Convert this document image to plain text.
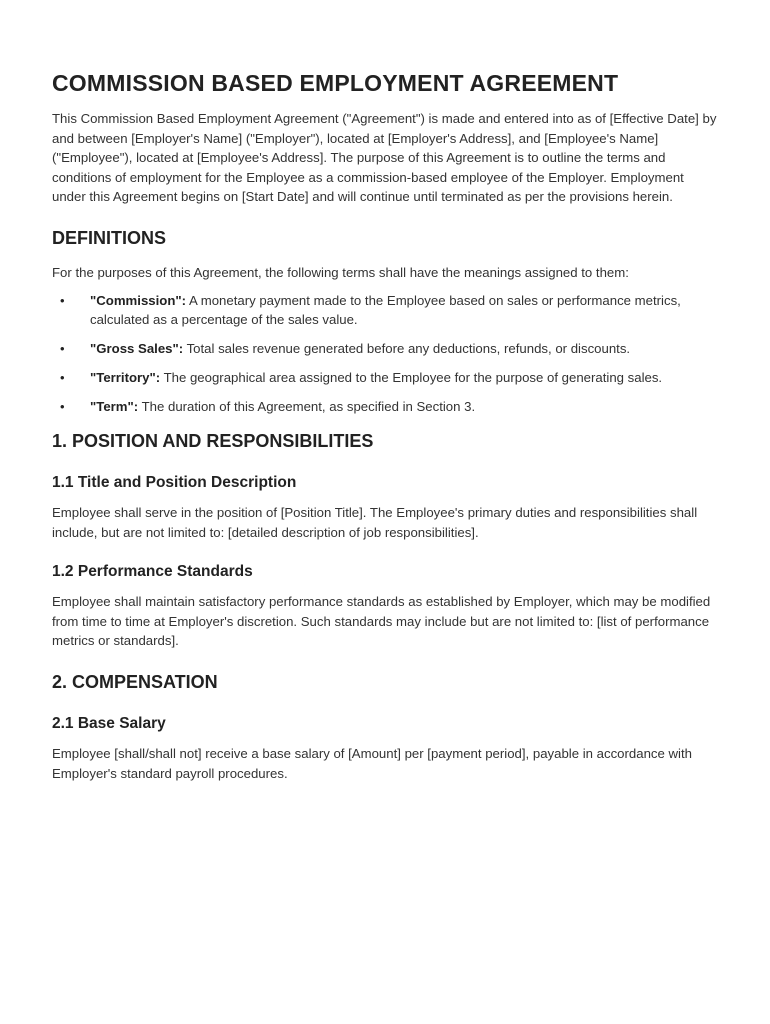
COMMISSION BASED EMPLOYMENT AGREEMENT

This Commission Based Employment Agreement ("Agreement") is made and entered into as of [Effective Date] by and between [Employer's Name] ("Employer"), located at [Employer's Address], and [Employee's Name] ("Employee"), located at [Employee's Address]. The purpose of this Agreement is to outline the terms and conditions of employment for the Employee as a commission-based employee of the Employer. Employment under this Agreement begins on [Start Date] and will continue until terminated as per the provisions herein.

DEFINITIONS

For the purposes of this Agreement, the following terms shall have the meanings assigned to them:

• "Commission": A monetary payment made to the Employee based on sales or performance metrics, calculated as a percentage of the sales value.
• "Gross Sales": Total sales revenue generated before any deductions, refunds, or discounts.
• "Territory": The geographical area assigned to the Employee for the purpose of generating sales.
• "Term": The duration of this Agreement, as specified in Section 3.
1. POSITION AND RESPONSIBILITIES
1.1 Title and Position Description

Employee shall serve in the position of [Position Title]. The Employee's primary duties and responsibilities shall include, but are not limited to: [detailed description of job responsibilities].

1.2 Performance Standards

Employee shall maintain satisfactory performance standards as established by Employer, which may be modified from time to time at Employer's discretion. Such standards may include but are not limited to: [list of performance metrics or standards].

2. COMPENSATION
2.1 Base Salary

Employee [shall/shall not] receive a base salary of [Amount] per [payment period], payable in accordance with Employer's standard payroll procedures.
